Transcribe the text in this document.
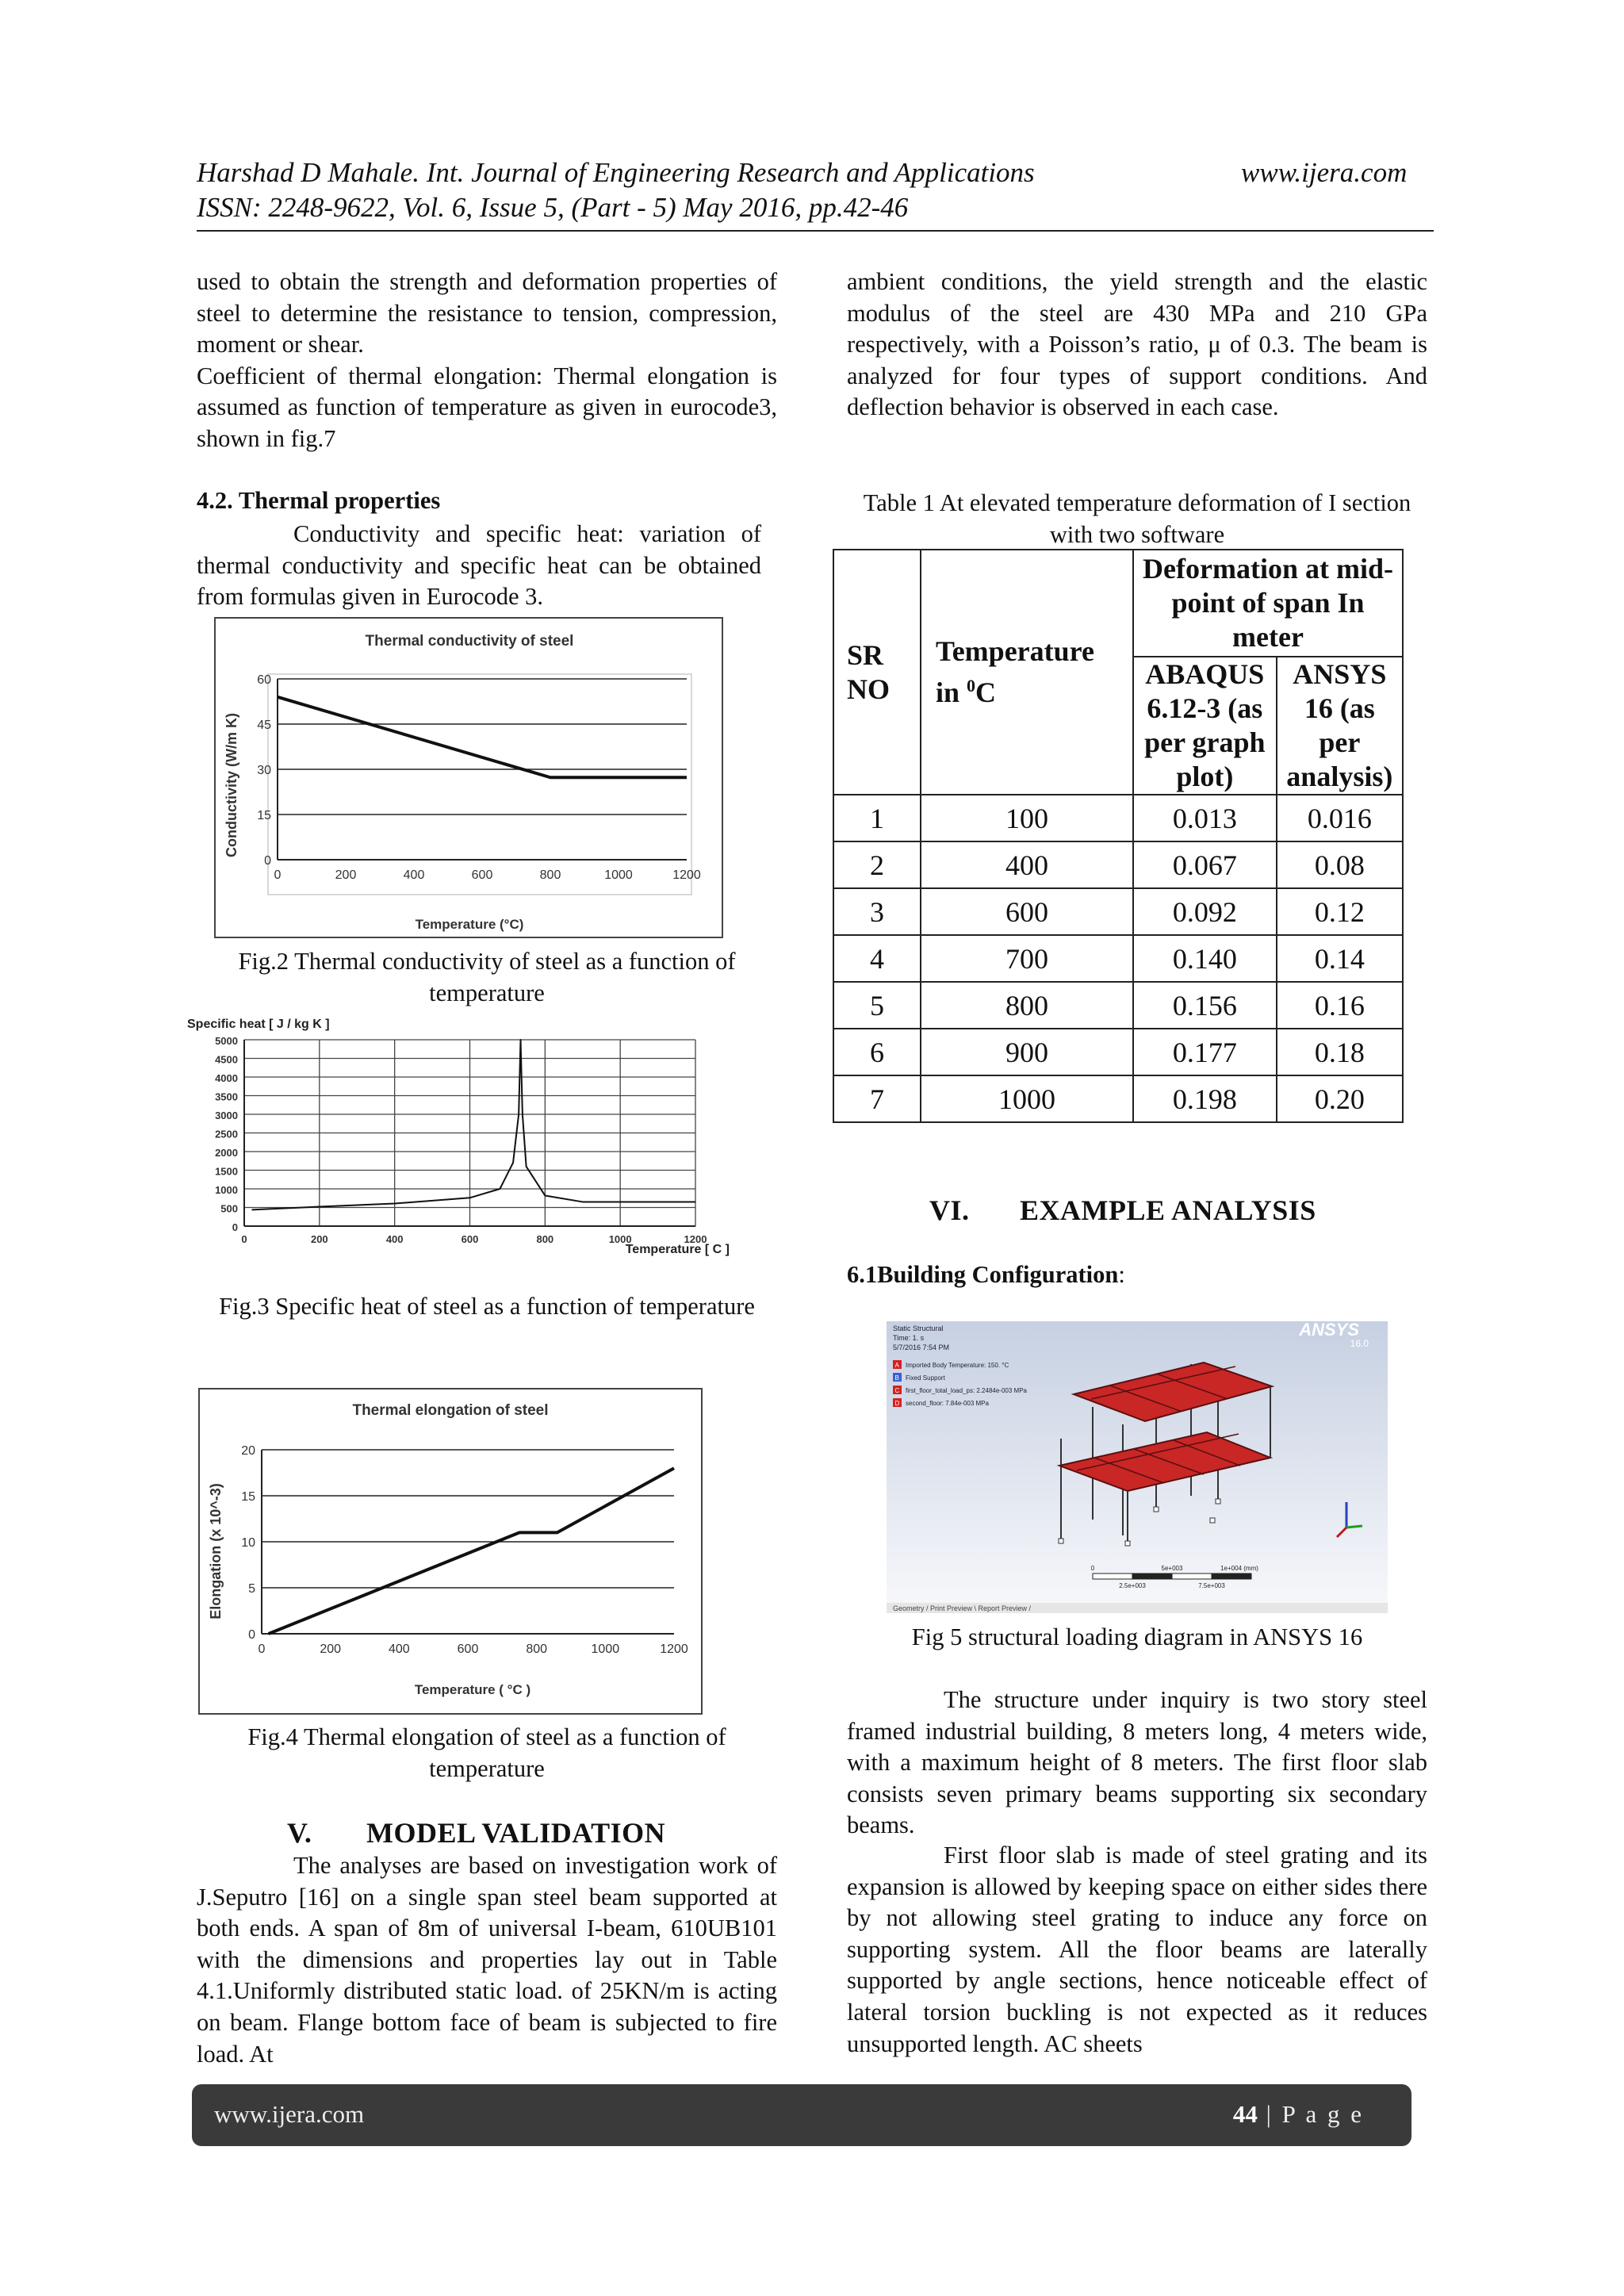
Harshad D Mahale. Int. Journal of Engineering Research and Applications	www.ijera.com
ISSN: 2248-9622, Vol. 6, Issue 5, (Part - 5) May 2016, pp.42-46

used to obtain the strength and deformation properties of steel to determine the resistance to tension, compression, moment or shear.

Coefficient of thermal elongation: Thermal elongation is assumed as function of temperature as given in eurocode3, shown in fig.7

4.2. Thermal properties
Conductivity and specific heat: variation of thermal conductivity and specific heat can be obtained from formulas given in Eurocode 3.
Thermal conductivity of steel
Conductivity (W/m K)
Temperature (°C)
0
15
30
45
60
0	200	400	600	800	1000	1200
Fig.2 Thermal conductivity of steel as a function of temperature
Specific heat [ J / kg K ]
Temperature [ C ]
0
500
1000
1500
2000
2500
3000
3500
4000
4500
5000
0	200	400	600	800	1000	1200
Fig.3 Specific heat of steel as a function of temperature
Thermal elongation of steel
Elongation (x 10^-3)
Temperature ( °C )
0
5
10
15
20
0	200	400	600	800	1000	1200
Fig.4 Thermal elongation of steel as a function of temperature
V. MODEL VALIDATION
The analyses are based on investigation work of J.Seputro [16] on a single span steel beam supported at both ends. A span of 8m of universal I-beam, 610UB101 with the dimensions and properties lay out in Table 4.1.Uniformly distributed static load. of 25KN/m is acting on beam. Flange bottom face of beam is subjected to fire load. At
ambient conditions, the yield strength and the elastic modulus of the steel are 430 MPa and 210 GPa respectively, with a Poisson’s ratio, μ of 0.3. The beam is analyzed for four types of support conditions. And deflection behavior is observed in each case.
Table 1 At elevated temperature deformation of I section with two software
SR NO	Temperature
in $^0$C	Deformation at mid-point of span In meter	
		ABAQUS 6.12-3 (as per graph plot)	ANSYS 16 (as per analysis)
1	100	0.013	0.016
2	400	0.067	0.08
3	600	0.092	0.12
4	700	0.140	0.14
5	800	0.156	0.16
6	900	0.177	0.18
7	1000	0.198	0.20
VI. EXAMPLE ANALYSIS
6.1Building Configuration:
Geometry / Print Preview \ Report Preview /
ANSYS
16.0
Static Structural
Time: 1. s
5/7/2016 7:54 PM
A Imported Body Temperature: 150. °C
B Fixed Support
C first_floor_total_load_ps: 2.2484e-003 MPa
D second_floor: 7.84e-003 MPa
0	5e+003	1e+004 (mm)
2.5e+003	7.5e+003
Fig 5 structural loading diagram in ANSYS 16
The structure under inquiry is two story steel framed industrial building, 8 meters long, 4 meters wide, with a maximum height of 8 meters. The first floor slab consists seven primary beams supporting six secondary beams.
First floor slab is made of steel grating and its expansion is allowed by keeping space on either sides there by not allowing steel grating to induce any force on supporting system. All the floor beams are laterally supported by angle sections, hence noticeable effect of lateral torsion buckling is not expected as it reduces unsupported length. AC sheets
www.ijera.com	44 | P a g e
